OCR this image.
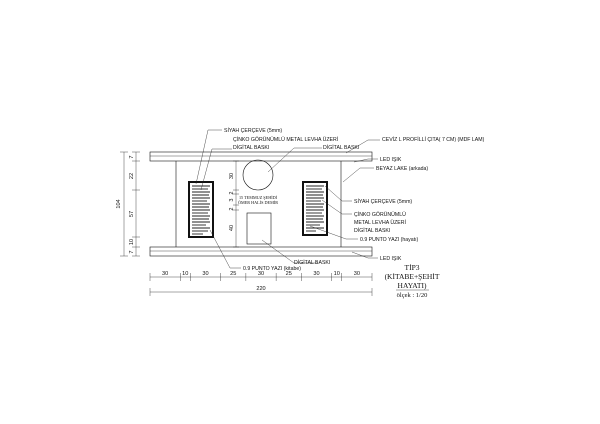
15 TEMMUZ ŞEHİDİ
ÖMER HALİS DEMİR
SİYAH ÇERÇEVE (5mm)
ÇİNKO GÖRÜNÜMLÜ METAL LEVHA ÜZERİ
DİGİTAL BASKI	DİGİTAL BASKI
CEVİZ L PROFİLLİ ÇITA( 7 CM) (MDF LAM)
LED IŞIK
BEYAZ LAKE (arkada)
SİYAH ÇERÇEVE (5mm)
ÇİNKO GÖRÜNÜMLÜ
METAL LEVHA ÜZERİ
DİGİTAL BASKI
0.9 PUNTO YAZI (hayatı)
DİGİTAL BASKI
0.9 PUNTO YAZI (kitabe)
LED IŞIK
TİP3
(KİTABE+ŞEHİT
HAYATI)
ölçek : 1/20
104
7
22
57
10
7
30
2
3
2
40
30 10 30	25	30	25	30 10 30
220
